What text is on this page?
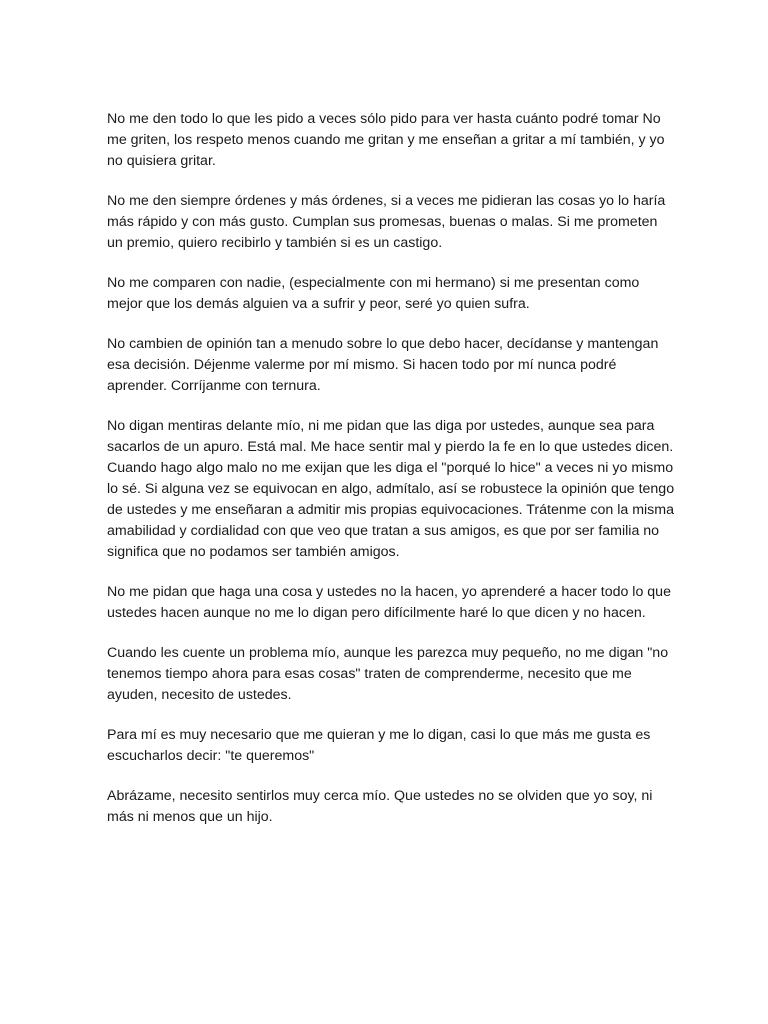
No me den todo lo que les pido a veces sólo pido para ver hasta cuánto podré tomar No
me griten, los respeto menos cuando me gritan y me enseñan a gritar a mí también, y yo
no quisiera gritar.

No me den siempre órdenes y más órdenes, si a veces me pidieran las cosas yo lo haría
más rápido y con más gusto. Cumplan sus promesas, buenas o malas. Si me prometen
un premio, quiero recibirlo y también si es un castigo.

No me comparen con nadie, (especialmente con mi hermano) si me presentan como
mejor que los demás alguien va a sufrir y peor, seré yo quien sufra.

No cambien de opinión tan a menudo sobre lo que debo hacer, decídanse y mantengan
esa decisión. Déjenme valerme por mí mismo. Si hacen todo por mí nunca podré
aprender. Corríjanme con ternura.

No digan mentiras delante mío, ni me pidan que las diga por ustedes, aunque sea para
sacarlos de un apuro. Está mal. Me hace sentir mal y pierdo la fe en lo que ustedes dicen.
Cuando hago algo malo no me exijan que les diga el "porqué lo hice" a veces ni yo mismo
lo sé. Si alguna vez se equivocan en algo, admítalo, así se robustece la opinión que tengo
de ustedes y me enseñaran a admitir mis propias equivocaciones. Trátenme con la misma
amabilidad y cordialidad con que veo que tratan a sus amigos, es que por ser familia no
significa que no podamos ser también amigos.

No me pidan que haga una cosa y ustedes no la hacen, yo aprenderé a hacer todo lo que
ustedes hacen aunque no me lo digan pero difícilmente haré lo que dicen y no hacen.

Cuando les cuente un problema mío, aunque les parezca muy pequeño, no me digan "no
tenemos tiempo ahora para esas cosas" traten de comprenderme, necesito que me
ayuden, necesito de ustedes.

Para mí es muy necesario que me quieran y me lo digan, casi lo que más me gusta es
escucharlos decir: "te queremos"

Abrázame, necesito sentirlos muy cerca mío. Que ustedes no se olviden que yo soy, ni
más ni menos que un hijo.
